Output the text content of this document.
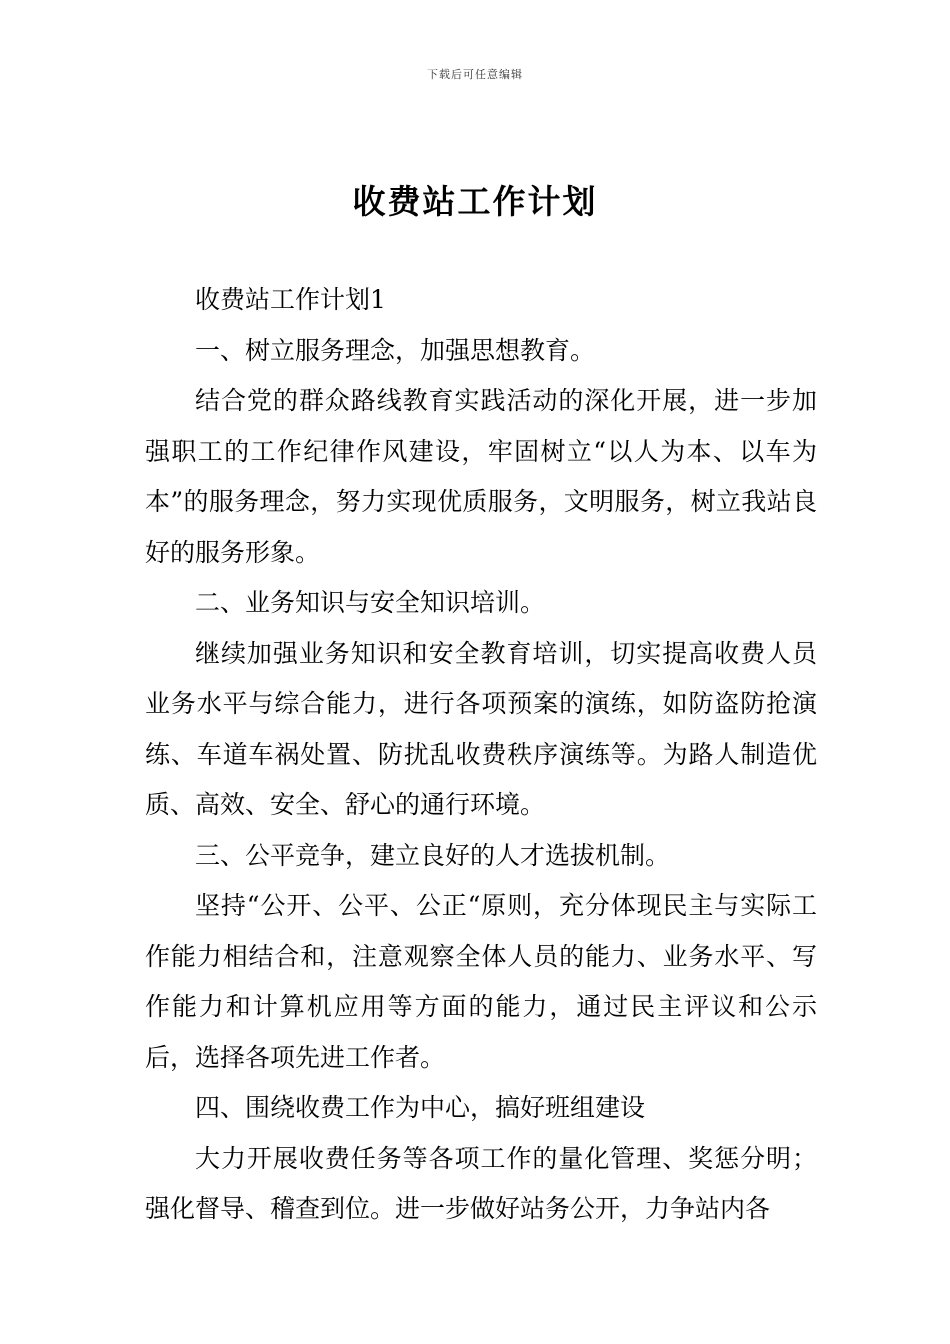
下载后可任意编辑
收费站工作计划

收费站工作计划1

一、树立服务理念，加强思想教育。

结合党的群众路线教育实践活动的深化开展，进一步加强职工的工作纪律作风建设，牢固树立“以人为本、以车为本”的服务理念，努力实现优质服务，文明服务，树立我站良好的服务形象。

二、业务知识与安全知识培训。

继续加强业务知识和安全教育培训，切实提高收费人员业务水平与综合能力，进行各项预案的演练，如防盗防抢演练、车道车祸处置、防扰乱收费秩序演练等。为路人制造优质、高效、安全、舒心的通行环境。

三、公平竞争，建立良好的人才选拔机制。

坚持“公开、公平、公正“原则，充分体现民主与实际工作能力相结合和，注意观察全体人员的能力、业务水平、写作能力和计算机应用等方面的能力，通过民主评议和公示后，选择各项先进工作者。

四、围绕收费工作为中心，搞好班组建设

大力开展收费任务等各项工作的量化管理、奖惩分明；强化督导、稽查到位。进一步做好站务公开，力争站内各
